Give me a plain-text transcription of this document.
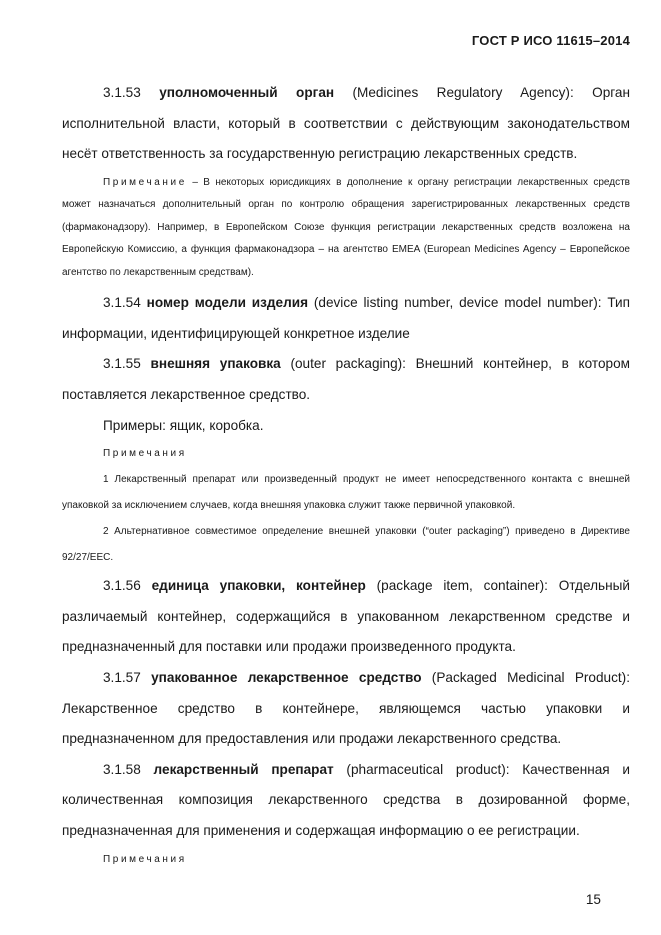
ГОСТ Р ИСО 11615–2014

3.1.53 уполномоченный орган (Medicines Regulatory Agency): Орган исполнительной власти, который в соответствии с действующим законодательством несёт ответственность за государственную регистрацию лекарственных средств.

Примечание – В некоторых юрисдикциях в дополнение к органу регистрации лекарственных средств может назначаться дополнительный орган по контролю обращения зарегистрированных лекарственных средств (фармаконадзору). Например, в Европейском Союзе функция регистрации лекарственных средств возложена на Европейскую Комиссию, а функция фармаконадзора – на агентство EMEA (European Medicines Agency – Европейское агентство по лекарственным средствам).

3.1.54 номер модели изделия (device listing number, device model number): Тип информации, идентифицирующей конкретное изделие

3.1.55 внешняя упаковка (outer packaging): Внешний контейнер, в котором поставляется лекарственное средство.

Примеры: ящик, коробка.

Примечания

1 Лекарственный препарат или произведенный продукт не имеет непосредственного контакта с внешней упаковкой за исключением случаев, когда внешняя упаковка служит также первичной упаковкой.

2 Альтернативное совместимое определение внешней упаковки (“outer packaging”) приведено в Директиве 92/27/EEC.

3.1.56 единица упаковки, контейнер (package item, container): Отдельный различаемый контейнер, содержащийся в упакованном лекарственном средстве и предназначенный для поставки или продажи произведенного продукта.

3.1.57 упакованное лекарственное средство (Packaged Medicinal Product): Лекарственное средство в контейнере, являющемся частью упаковки и предназначенном для предоставления или продажи лекарственного средства.

3.1.58 лекарственный препарат (pharmaceutical product): Качественная и количественная композиция лекарственного средства в дозированной форме, предназначенная для применения и содержащая информацию о ее регистрации.

Примечания

15
